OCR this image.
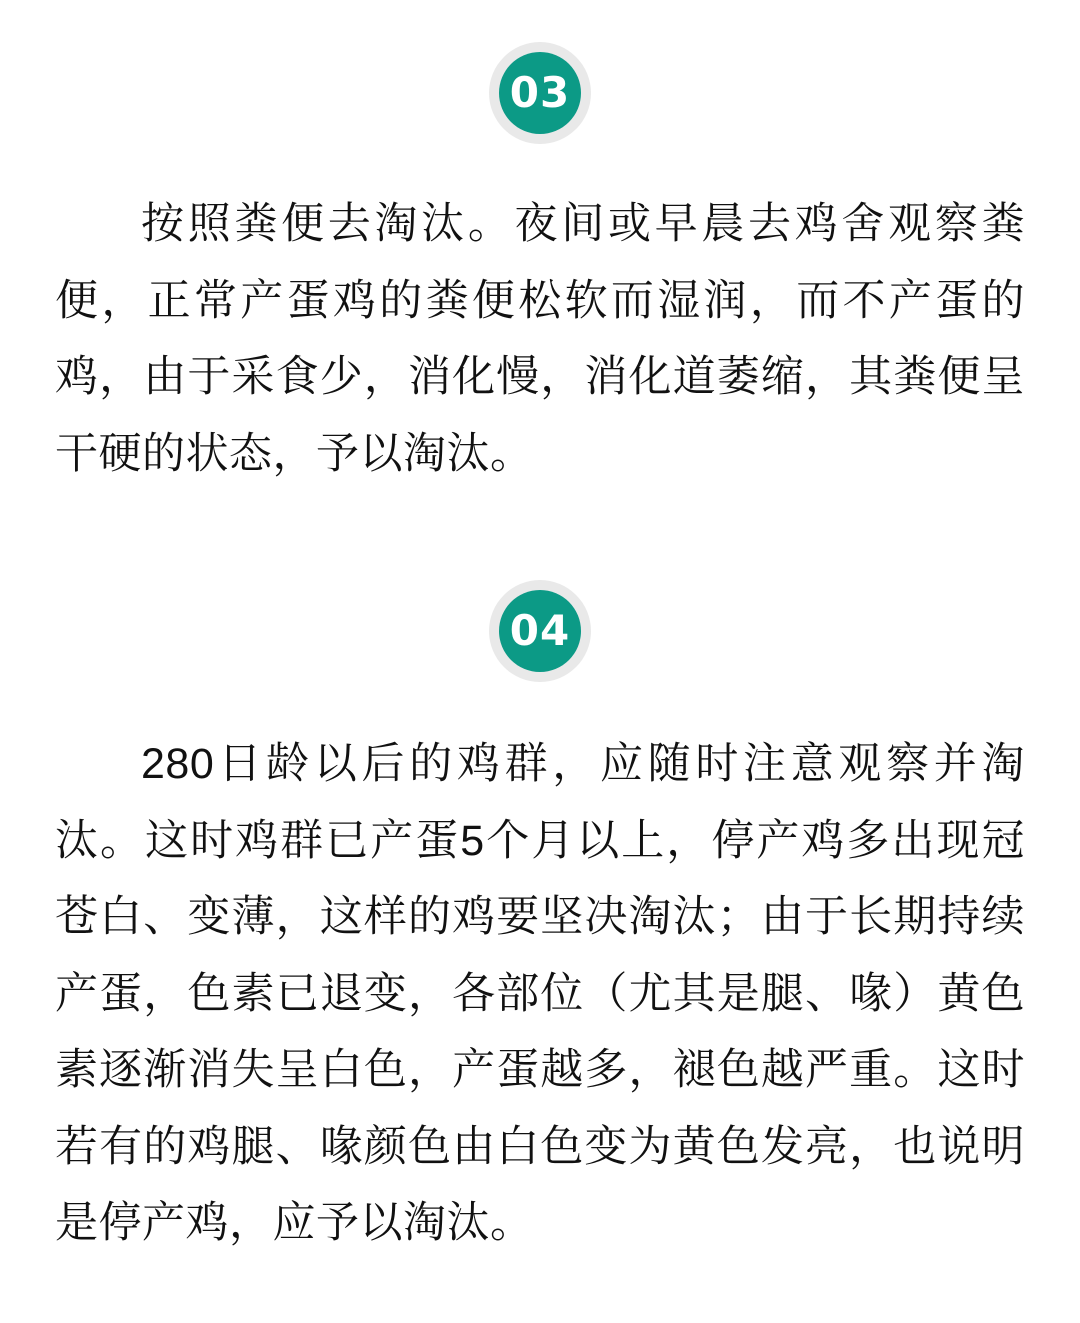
03

按照粪便去淘汰。夜间或早晨去鸡舍观察粪便，正常产蛋鸡的粪便松软而湿润，而不产蛋的鸡，由于采食少，消化慢，消化道萎缩，其粪便呈干硬的状态，予以淘汰。

04

280日龄以后的鸡群，应随时注意观察并淘汰。这时鸡群已产蛋5个月以上，停产鸡多出现冠苍白、变薄，这样的鸡要坚决淘汰；由于长期持续产蛋，色素已退变，各部位（尤其是腿、喙）黄色素逐渐消失呈白色，产蛋越多，褪色越严重。这时若有的鸡腿、喙颜色由白色变为黄色发亮，也说明是停产鸡，应予以淘汰。
